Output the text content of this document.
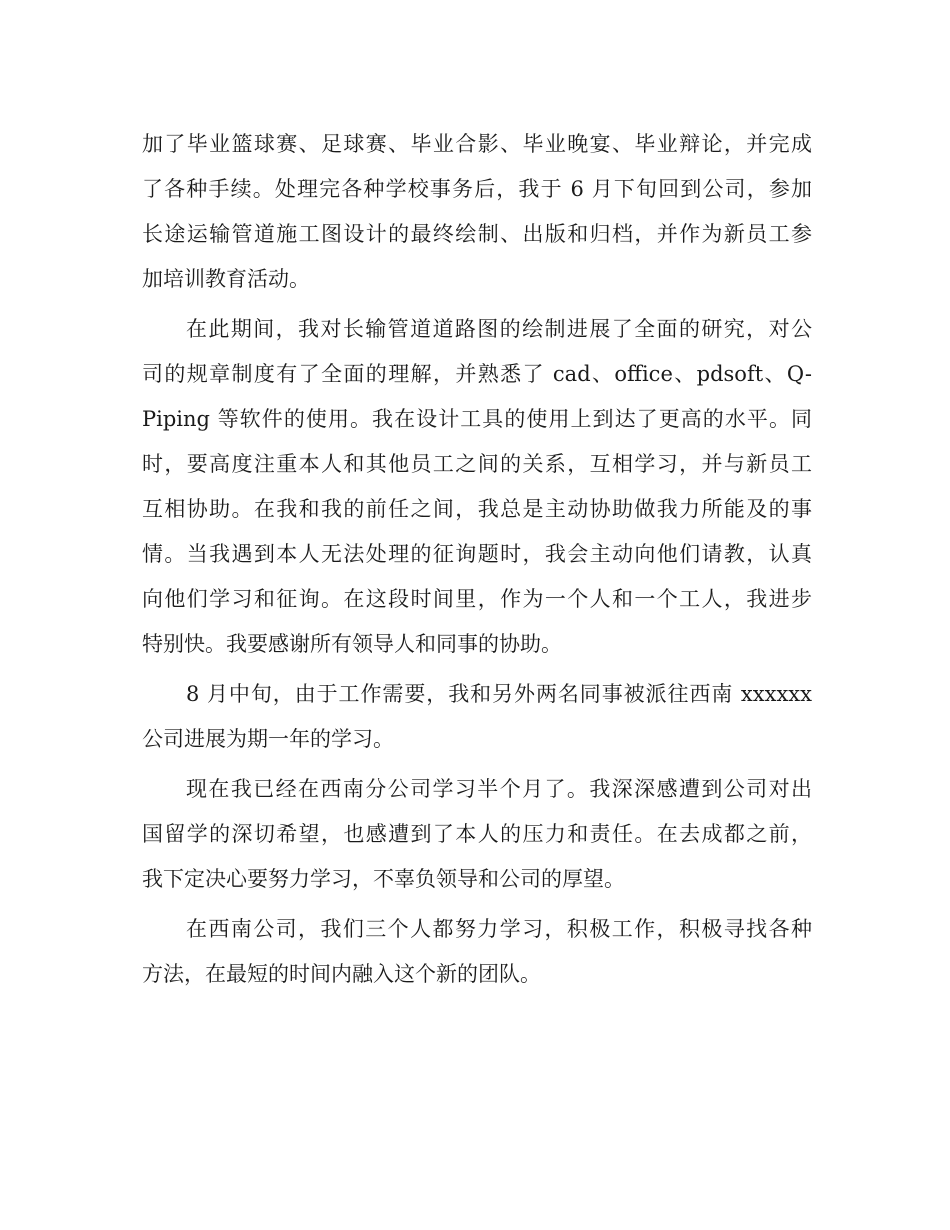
加了毕业篮球赛、足球赛、毕业合影、毕业晚宴、毕业辩论，并完成
了各种手续。处理完各种学校事务后，我于 6 月下旬回到公司，参加
长途运输管道施工图设计的最终绘制、出版和归档，并作为新员工参
加培训教育活动。
在此期间，我对长输管道道路图的绘制进展了全面的研究，对公
司的规章制度有了全面的理解，并熟悉了 cad、office、pdsoft、Q-
Piping 等软件的使用。我在设计工具的使用上到达了更高的水平。同
时，要高度注重本人和其他员工之间的关系，互相学习，并与新员工
互相协助。在我和我的前任之间，我总是主动协助做我力所能及的事
情。当我遇到本人无法处理的征询题时，我会主动向他们请教，认真
向他们学习和征询。在这段时间里，作为一个人和一个工人，我进步
特别快。我要感谢所有领导人和同事的协助。
8 月中旬，由于工作需要，我和另外两名同事被派往西南 xxxxxx
公司进展为期一年的学习。
现在我已经在西南分公司学习半个月了。我深深感遭到公司对出
国留学的深切希望，也感遭到了本人的压力和责任。在去成都之前，
我下定决心要努力学习，不辜负领导和公司的厚望。
在西南公司，我们三个人都努力学习，积极工作，积极寻找各种
方法，在最短的时间内融入这个新的团队。
